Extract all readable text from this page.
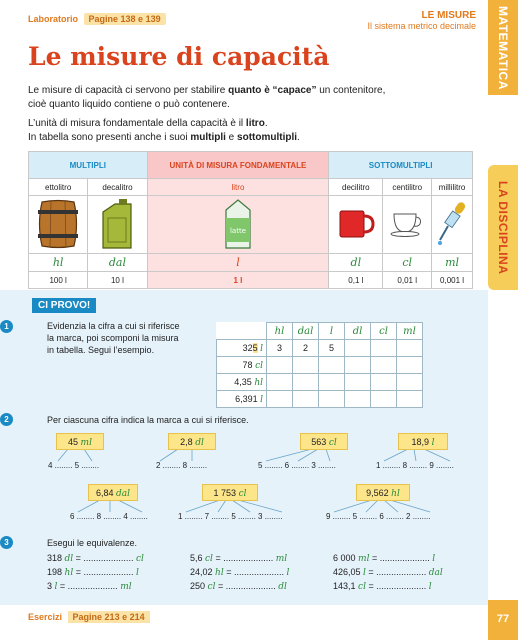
Laboratorio Pagine 138 e 139	LE MISURE
Il sistema metrico decimale	MATEMATICA
LA DISCIPLINA
Le misure di capacità
Le misure di capacità ci servono per stabilire quanto è “capace” un contenitore,
cioè quanto liquido contiene o può contenere.
L’unità di misura fondamentale della capacità è il litro.
In tabella sono presenti anche i suoi multipli e sottomultipli.
MULTIPLI		UNITÀ DI MISURA FONDAMENTALE	SOTTOMULTIPLI		
ettolitro	decalitro	litro	decilitro	centilitro	millilitro

latte

hl	dal	l	dl	cl	ml
100 l	10 l	1 l	0,1 l	0,01 l	0,001 l
CI PROVO!
1	Evidenzia la cifra a cui si riferisce
la marca, poi scomponi la misura
in tabella. Segui l’esempio.
	hl	dal	l	dl	cl	ml
325 l	3	2	5			
78 cl						
4,35 hl						
6,391 l						
2	Per ciascuna cifra indica la marca a cui si riferisce.
45 ml	2,8 dl	563 cl	18,9 l
4 ........ 5 ........	2 ........ 8 ........	5 ........ 6 ........ 3 ........	1 ........ 8 ........ 9 ........
6,84 dal	1 753 cl	9,562 hl
6 ........ 8 ........ 4 ........	1 ........ 7 ........ 5 ........ 3 ........	9 ........ 5 ........ 6 ........ 2 ........
3	Esegui le equivalenze.
318 dl = .................... cl
198 hl = .................... l
3 l = .................... ml
5,6 cl = .................... ml
24,02 hl = .................... l
250 cl = .................... dl
6 000 ml = .................... l
426,05 l = .................... dal
143,1 cl = .................... l
Esercizi Pagine 213 e 214	77
